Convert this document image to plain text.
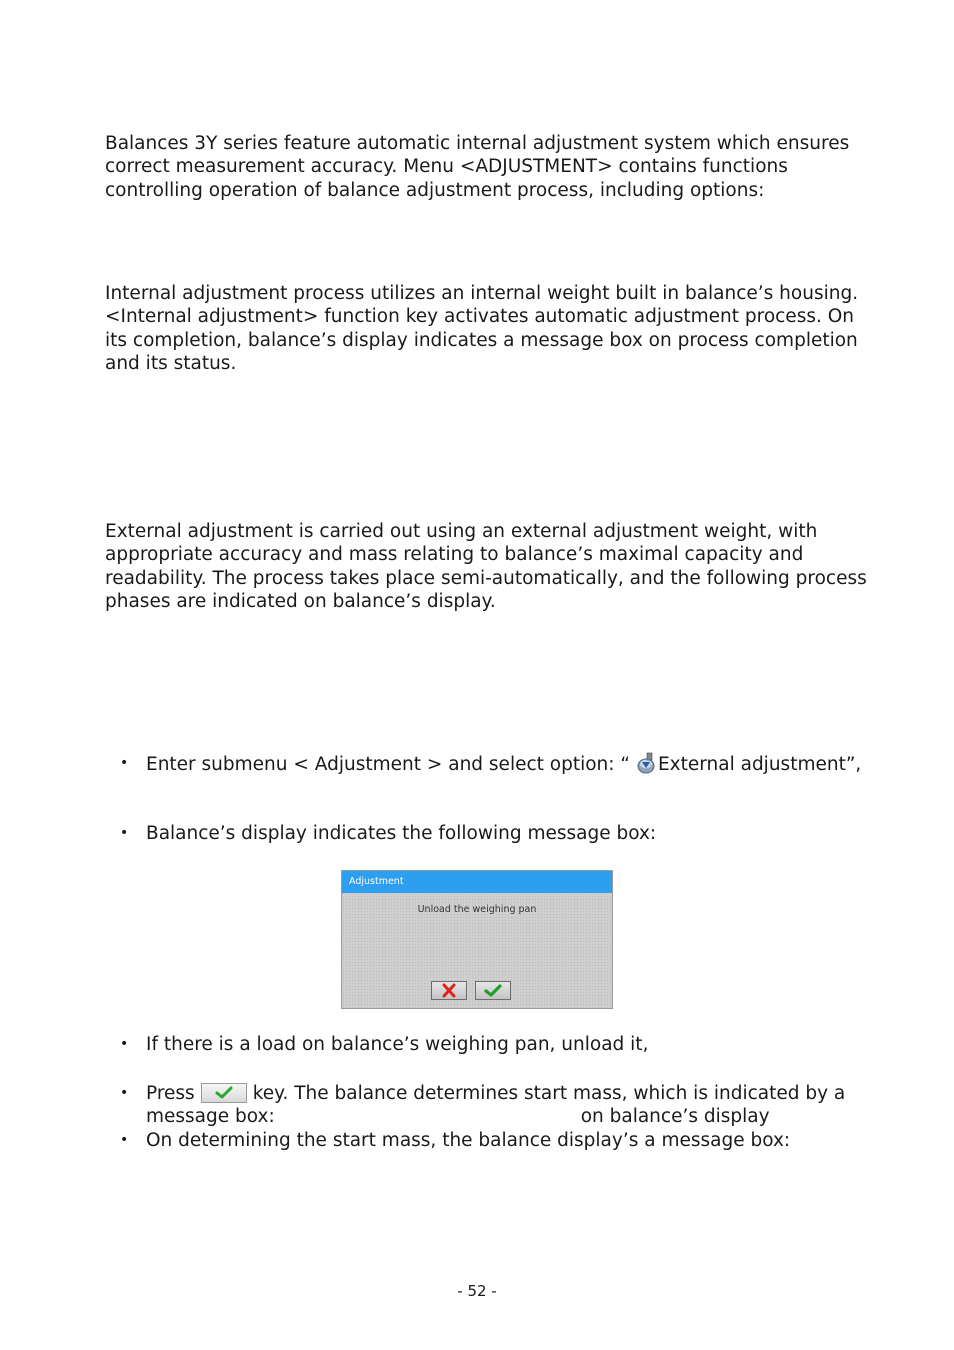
Balances 3Y series feature automatic internal adjustment system which ensures correct measurement accuracy. Menu <ADJUSTMENT> contains functions controlling operation of balance adjustment process, including options:

Internal adjustment process utilizes an internal weight built in balance’s housing. <Internal adjustment> function key activates automatic adjustment process. On its completion, balance’s display indicates a message box on process completion and its status.

External adjustment is carried out using an external adjustment weight, with appropriate accuracy and mass relating to balance’s maximal capacity and readability. The process takes place semi-automatically, and the following process phases are indicated on balance’s display.

• Enter submenu < Adjustment > and select option: “ External adjustment”,
• Balance’s display indicates the following message box:
Adjustment
Unload the weighing pan
• If there is a load on balance’s weighing pan, unload it,
• Press	key. The balance determines start mass, which is indicated by a message box:	on balance’s display
• On determining the start mass, the balance display’s a message box:
- 52 -
